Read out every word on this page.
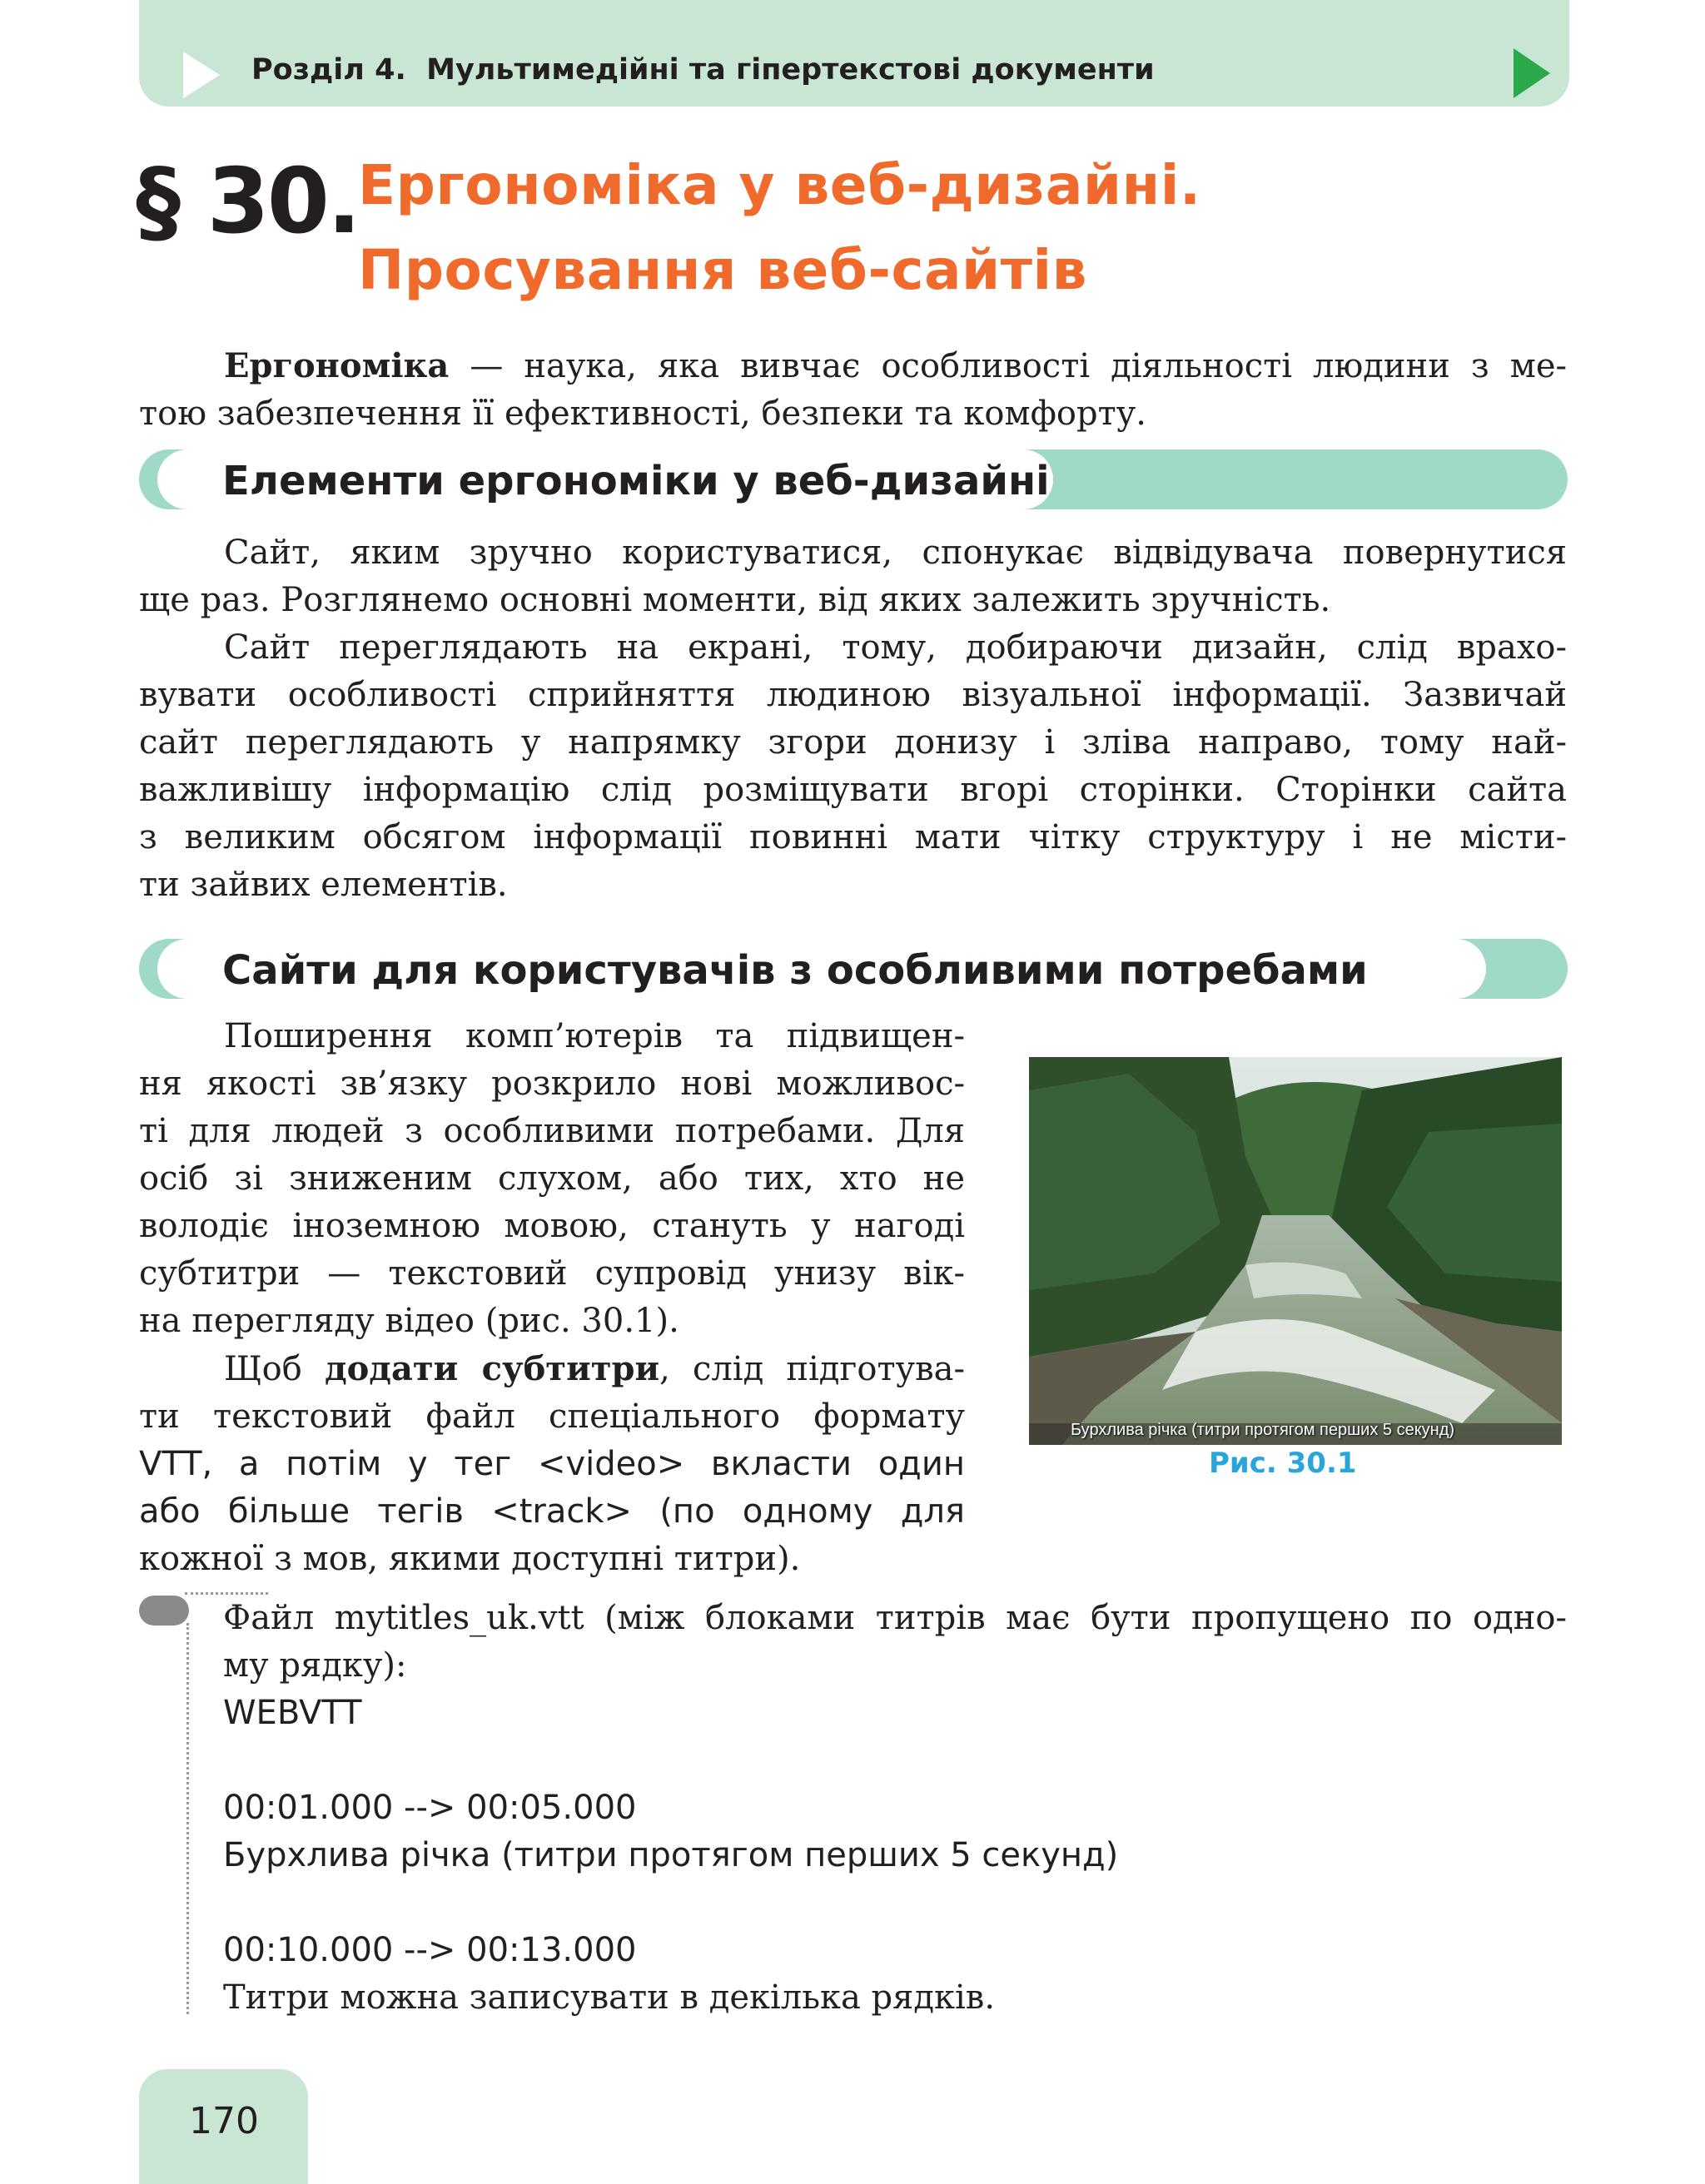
Розділ 4.  Мультимедійні та гіпертекстові документи
§ 30. Ергономіка у веб-дизайні.
Просування веб-сайтів
Ергономіка — наука, яка вивчає особливості діяльності людини з ме-
тою забезпечення її ефективності, безпеки та комфорту.
Елементи ергономіки у веб-дизайні
Сайт, яким зручно користуватися, спонукає відвідувача повернутися
ще раз. Розглянемо основні моменти, від яких залежить зручність.
Сайт переглядають на екрані, тому, добираючи дизайн, слід врахо-
вувати особливості сприйняття людиною візуальної інформації. Зазвичай
сайт переглядають у напрямку згори донизу і зліва направо, тому най-
важливішу інформацію слід розміщувати вгорі сторінки. Сторінки сайта
з великим обсягом інформації повинні мати чітку структуру і не місти-
ти зайвих елементів.
Сайти для користувачів з особливими потребами
Поширення комп’ютерів та підвищен-
ня якості зв’язку розкрило нові можливос-
ті для людей з особливими потребами. Для
осіб зі зниженим слухом, або тих, хто не
володіє іноземною мовою, стануть у нагоді
субтитри — текстовий супровід унизу вік-
на перегляду відео (рис. 30.1).
Щоб додати субтитри, слід підготува-
ти текстовий файл спеціального формату
VTT, а потім у тег <video> вкласти один
або більше тегів <track> (по одному для
кожної з мов, якими доступні титри).
Бурхлива річка (титри протягом перших 5 секунд)
Рис. 30.1
Файл mytitles_uk.vtt (між блоками титрів має бути пропущено по одно-
му рядку):
WEBVTT

00:01.000 --> 00:05.000
Бурхлива річка (титри протягом перших 5 секунд)

00:10.000 --> 00:13.000
Титри можна записувати в декілька рядків.
170
